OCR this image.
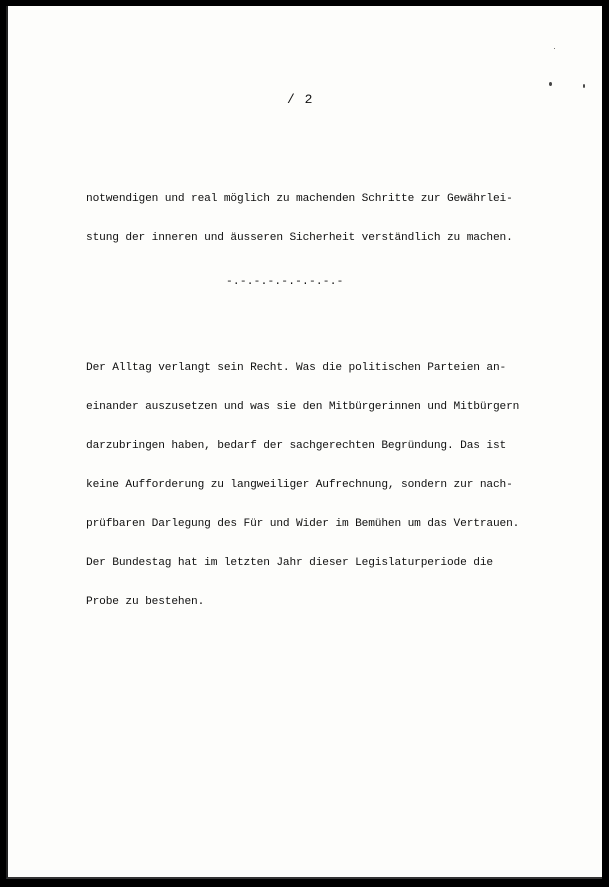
/ 2

notwendigen und real möglich zu machenden Schritte zur Gewährlei-

stung der inneren und äusseren Sicherheit verständlich zu machen.

Der Alltag verlangt sein Recht. Was die politischen Parteien an-

einander auszusetzen und was sie den Mitbürgerinnen und Mitbürgern

darzubringen haben, bedarf der sachgerechten Begründung. Das ist

keine Aufforderung zu langweiliger Aufrechnung, sondern zur nach-

prüfbaren Darlegung des Für und Wider im Bemühen um das Vertrauen.

Der Bundestag hat im letzten Jahr dieser Legislaturperiode die

Probe zu bestehen.

-.-.-.-.-.-.-.-.-
